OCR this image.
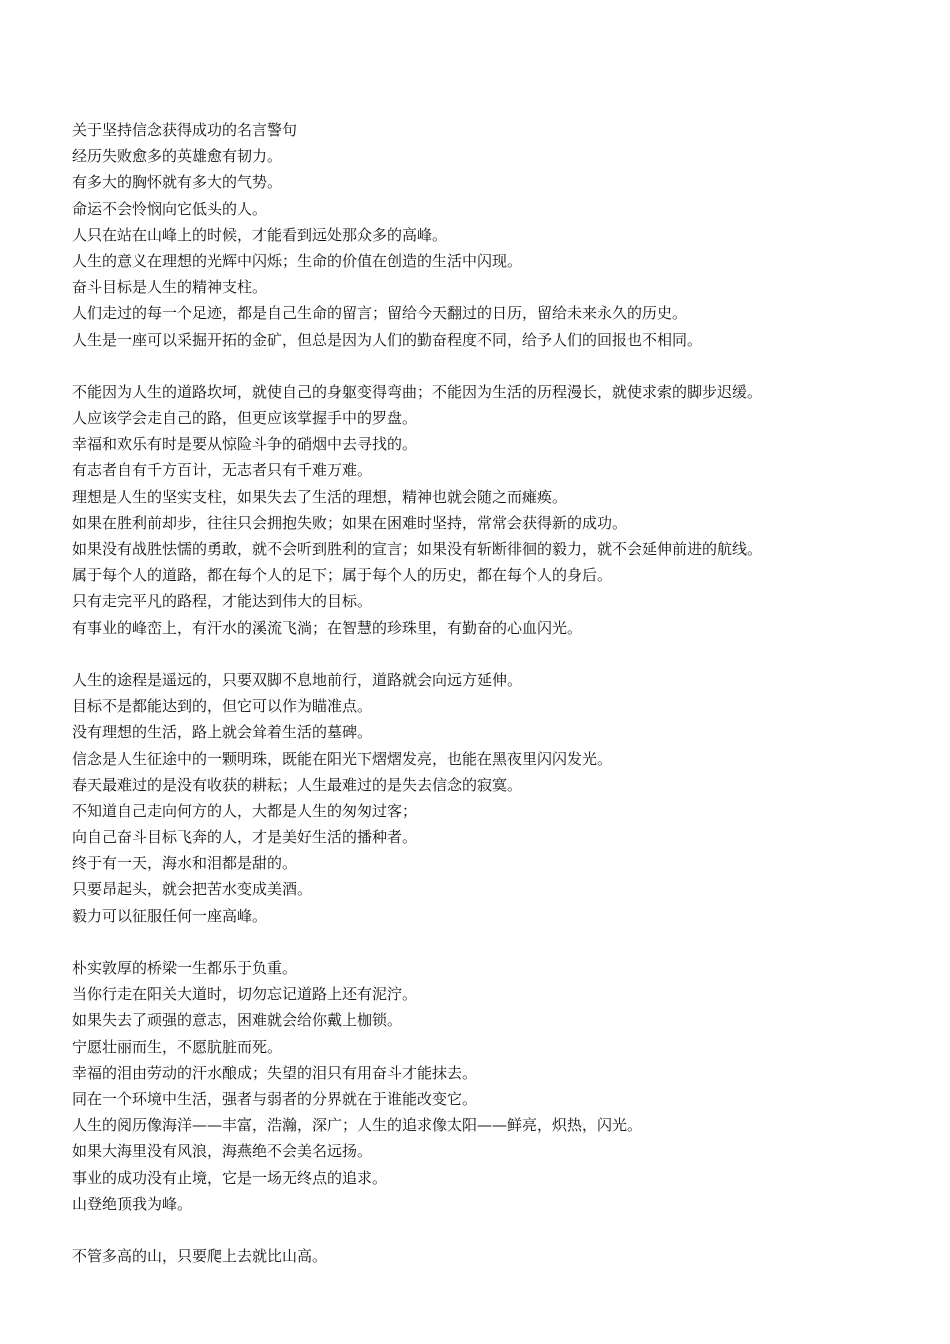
关于坚持信念获得成功的名言警句
经历失败愈多的英雄愈有韧力。
有多大的胸怀就有多大的气势。
命运不会怜悯向它低头的人。
人只在站在山峰上的时候，才能看到远处那众多的高峰。
人生的意义在理想的光辉中闪烁；生命的价值在创造的生活中闪现。
奋斗目标是人生的精神支柱。
人们走过的每一个足迹，都是自己生命的留言；留给今天翻过的日历，留给未来永久的历史。
人生是一座可以采掘开拓的金矿，但总是因为人们的勤奋程度不同，给予人们的回报也不相同。
不能因为人生的道路坎坷，就使自己的身躯变得弯曲；不能因为生活的历程漫长，就使求索的脚步迟缓。
人应该学会走自己的路，但更应该掌握手中的罗盘。
幸福和欢乐有时是要从惊险斗争的硝烟中去寻找的。
有志者自有千方百计，无志者只有千难万难。
理想是人生的坚实支柱，如果失去了生活的理想，精神也就会随之而瘫痪。
如果在胜利前却步，往往只会拥抱失败；如果在困难时坚持，常常会获得新的成功。
如果没有战胜怯懦的勇敢，就不会听到胜利的宣言；如果没有斩断徘徊的毅力，就不会延伸前进的航线。
属于每个人的道路，都在每个人的足下；属于每个人的历史，都在每个人的身后。
只有走完平凡的路程，才能达到伟大的目标。
有事业的峰峦上，有汗水的溪流飞淌；在智慧的珍珠里，有勤奋的心血闪光。
人生的途程是遥远的，只要双脚不息地前行，道路就会向远方延伸。
目标不是都能达到的，但它可以作为瞄准点。
没有理想的生活，路上就会耸着生活的墓碑。
信念是人生征途中的一颗明珠，既能在阳光下熠熠发亮，也能在黑夜里闪闪发光。
春天最难过的是没有收获的耕耘；人生最难过的是失去信念的寂寞。
不知道自己走向何方的人，大都是人生的匆匆过客；
向自己奋斗目标飞奔的人，才是美好生活的播种者。
终于有一天，海水和泪都是甜的。
只要昂起头，就会把苦水变成美酒。
毅力可以征服任何一座高峰。
朴实敦厚的桥梁一生都乐于负重。
当你行走在阳关大道时，切勿忘记道路上还有泥泞。
如果失去了顽强的意志，困难就会给你戴上枷锁。
宁愿壮丽而生，不愿肮脏而死。
幸福的泪由劳动的汗水酿成；失望的泪只有用奋斗才能抹去。
同在一个环境中生活，强者与弱者的分界就在于谁能改变它。
人生的阅历像海洋——丰富，浩瀚，深广；人生的追求像太阳——鲜亮，炽热，闪光。
如果大海里没有风浪，海燕绝不会美名远扬。
事业的成功没有止境，它是一场无终点的追求。
山登绝顶我为峰。
不管多高的山，只要爬上去就比山高。
